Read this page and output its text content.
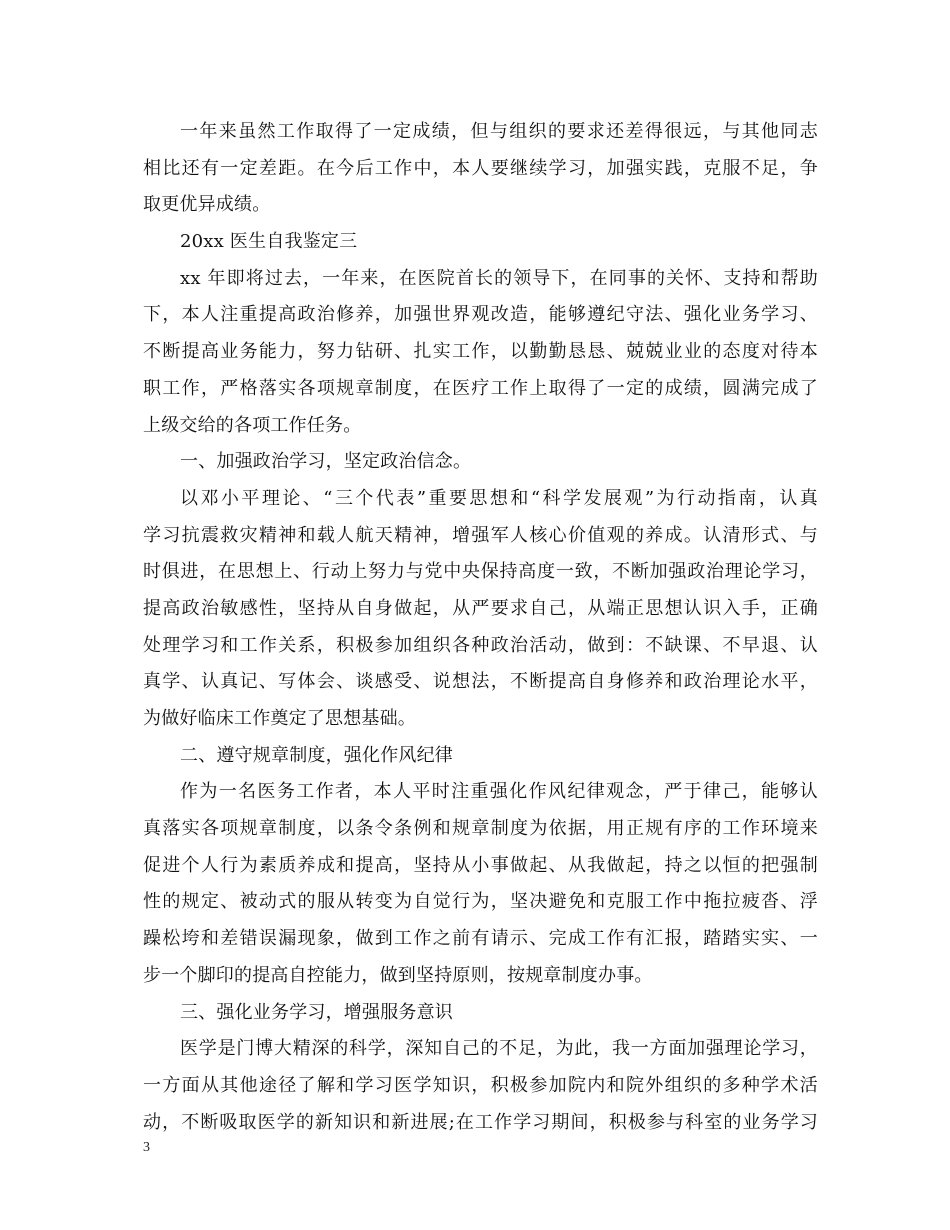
一年来虽然工作取得了一定成绩，但与组织的要求还差得很远，与其他同志
相比还有一定差距。在今后工作中，本人要继续学习，加强实践，克服不足，争
取更优异成绩。
20xx 医生自我鉴定三
xx 年即将过去，一年来，在医院首长的领导下，在同事的关怀、支持和帮助
下，本人注重提高政治修养，加强世界观改造，能够遵纪守法、强化业务学习、
不断提高业务能力，努力钻研、扎实工作，以勤勤恳恳、兢兢业业的态度对待本
职工作，严格落实各项规章制度，在医疗工作上取得了一定的成绩，圆满完成了
上级交给的各项工作任务。
一、加强政治学习，坚定政治信念。
以邓小平理论、“三个代表”重要思想和“科学发展观”为行动指南，认真
学习抗震救灾精神和载人航天精神，增强军人核心价值观的养成。认清形式、与
时俱进，在思想上、行动上努力与党中央保持高度一致，不断加强政治理论学习，
提高政治敏感性，坚持从自身做起，从严要求自己，从端正思想认识入手，正确
处理学习和工作关系，积极参加组织各种政治活动，做到：不缺课、不早退、认
真学、认真记、写体会、谈感受、说想法，不断提高自身修养和政治理论水平，
为做好临床工作奠定了思想基础。
二、遵守规章制度，强化作风纪律
作为一名医务工作者，本人平时注重强化作风纪律观念，严于律己，能够认
真落实各项规章制度，以条令条例和规章制度为依据，用正规有序的工作环境来
促进个人行为素质养成和提高，坚持从小事做起、从我做起，持之以恒的把强制
性的规定、被动式的服从转变为自觉行为，坚决避免和克服工作中拖拉疲沓、浮
躁松垮和差错误漏现象，做到工作之前有请示、完成工作有汇报，踏踏实实、一
步一个脚印的提高自控能力，做到坚持原则，按规章制度办事。
三、强化业务学习，增强服务意识
医学是门博大精深的科学，深知自己的不足，为此，我一方面加强理论学习，
一方面从其他途径了解和学习医学知识，积极参加院内和院外组织的多种学术活
动，不断吸取医学的新知识和新进展;在工作学习期间，积极参与科室的业务学习
3
